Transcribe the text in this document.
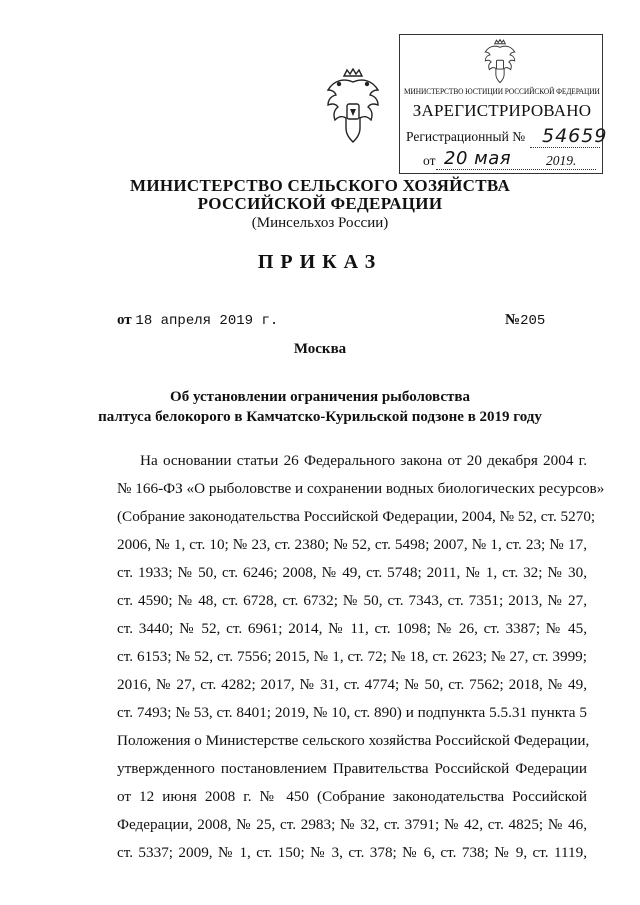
МИНИСТЕРСТВО ЮСТИЦИИ РОССИЙСКОЙ ФЕДЕРАЦИИ
ЗАРЕГИСТРИРОВАНО
Регистрационный № 54659
от 20 мая	2019.
МИНИСТЕРСТВО СЕЛЬСКОГО ХОЗЯЙСТВА
РОССИЙСКОЙ ФЕДЕРАЦИИ
(Минсельхоз России)
ПРИКАЗ
от 18 апреля 2019 г.	№205
Москва
Об установлении ограничения рыболовства
палтуса белокорого в Камчатско-Курильской подзоне в 2019 году
На основании статьи 26 Федерального закона от 20 декабря 2004 г.
№ 166-ФЗ «О рыболовстве и сохранении водных биологических ресурсов»
(Собрание законодательства Российской Федерации, 2004, № 52, ст. 5270;
2006, № 1, ст. 10; № 23, ст. 2380; № 52, ст. 5498; 2007, № 1, ст. 23; № 17,
ст. 1933; № 50, ст. 6246; 2008, № 49, ст. 5748; 2011, № 1, ст. 32; № 30,
ст. 4590; № 48, ст. 6728, ст. 6732; № 50, ст. 7343, ст. 7351; 2013, № 27,
ст. 3440; № 52, ст. 6961; 2014, № 11, ст. 1098; № 26, ст. 3387; № 45,
ст. 6153; № 52, ст. 7556; 2015, № 1, ст. 72; № 18, ст. 2623; № 27, ст. 3999;
2016, № 27, ст. 4282; 2017, № 31, ст. 4774; № 50, ст. 7562; 2018, № 49,
ст. 7493; № 53, ст. 8401; 2019, № 10, ст. 890) и подпункта 5.5.31 пункта 5
Положения о Министерстве сельского хозяйства Российской Федерации,
утвержденного постановлением Правительства Российской Федерации
от 12 июня 2008 г. № 450 (Собрание законодательства Российской
Федерации, 2008, № 25, ст. 2983; № 32, ст. 3791; № 42, ст. 4825; № 46,
ст. 5337; 2009, № 1, ст. 150; № 3, ст. 378; № 6, ст. 738; № 9, ст. 1119,
